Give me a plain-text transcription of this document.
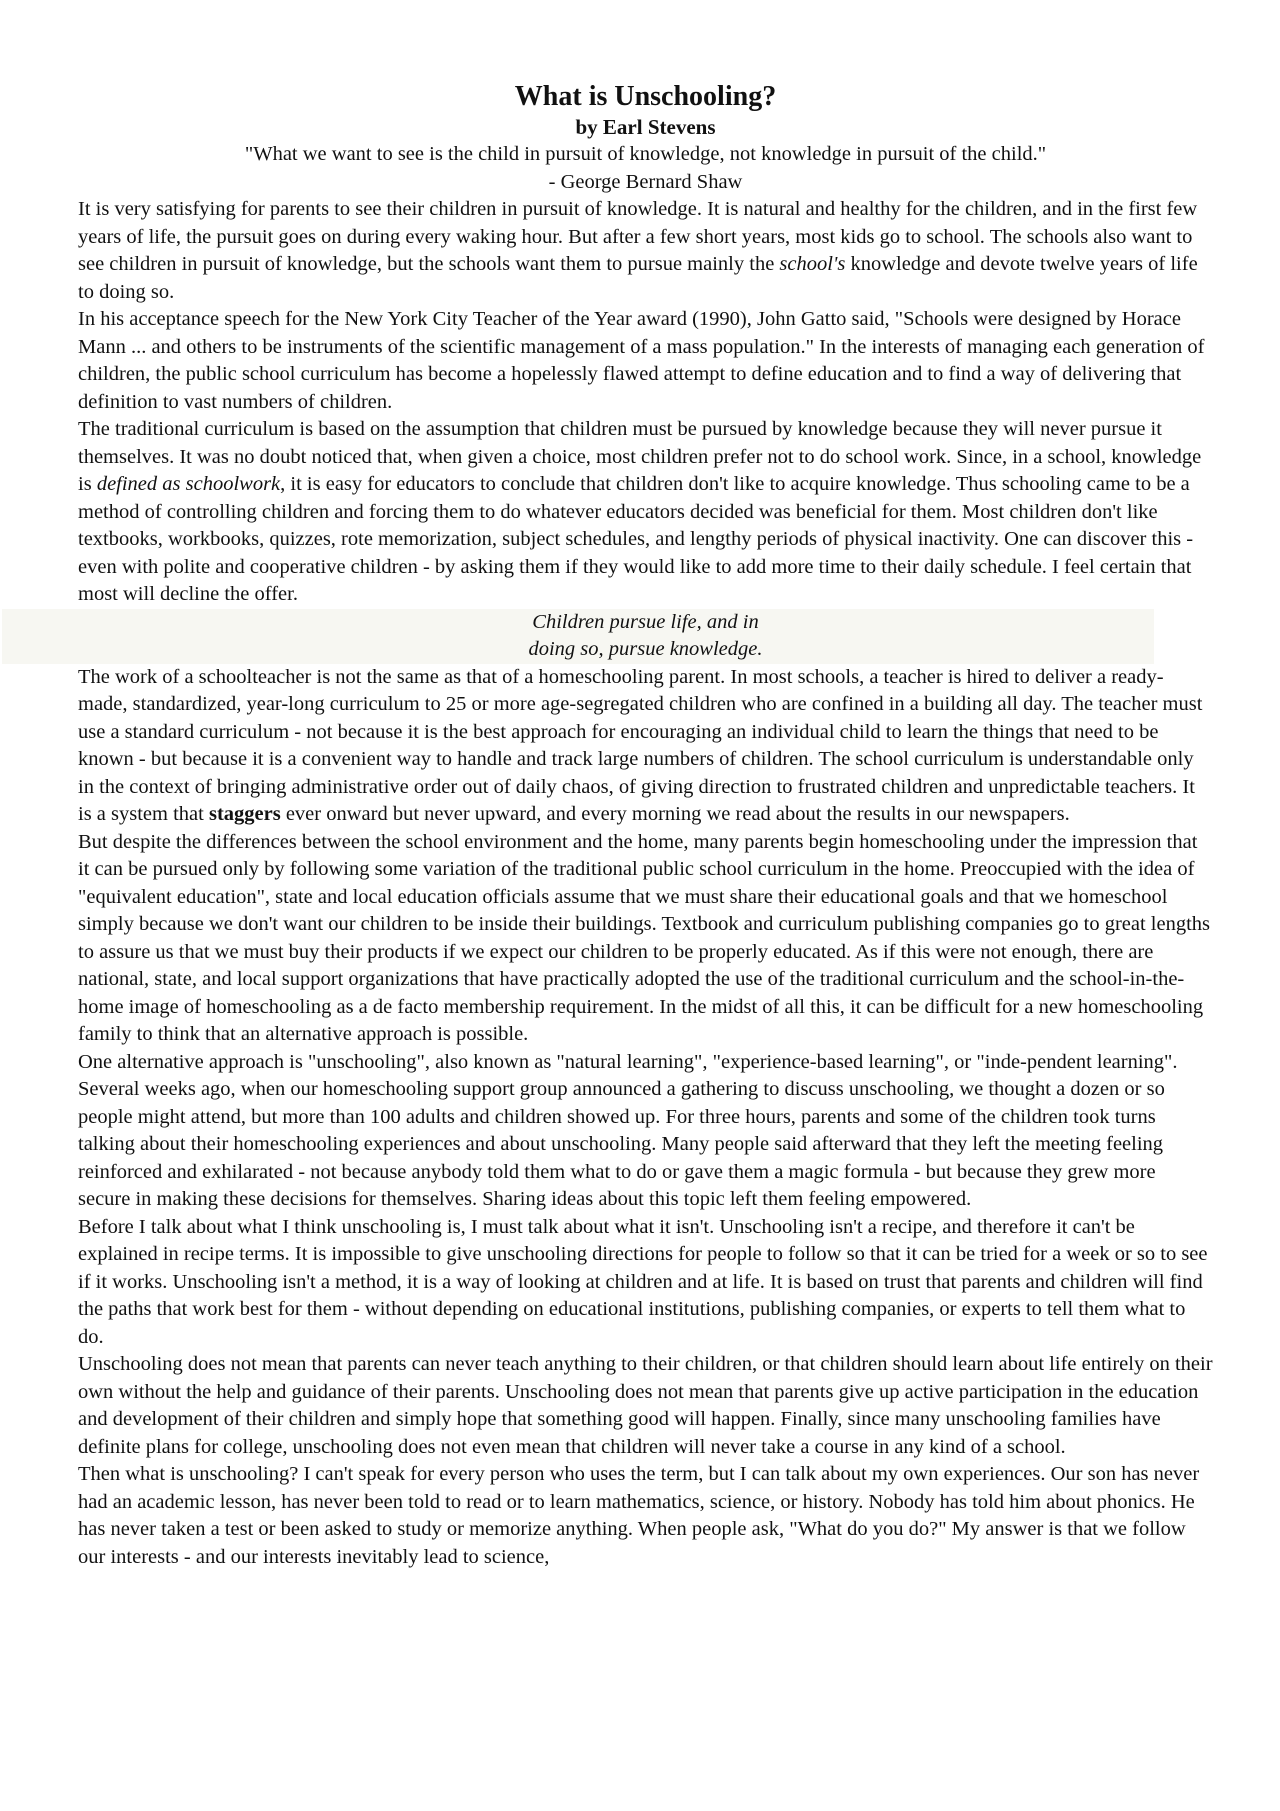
What is Unschooling?

by Earl Stevens

"What we want to see is the child in pursuit of knowledge, not knowledge in pursuit of the child."

- George Bernard Shaw

It is very satisfying for parents to see their children in pursuit of knowledge. It is natural and healthy for the children, and in the first few years of life, the pursuit goes on during every waking hour. But after a few short years, most kids go to school. The schools also want to see children in pursuit of knowledge, but the schools want them to pursue mainly the school's knowledge and devote twelve years of life to doing so.

In his acceptance speech for the New York City Teacher of the Year award (1990), John Gatto said, "Schools were designed by Horace Mann ... and others to be instruments of the scientific management of a mass population." In the interests of managing each generation of children, the public school curriculum has become a hopelessly flawed attempt to define education and to find a way of delivering that definition to vast numbers of children.

The traditional curriculum is based on the assumption that children must be pursued by knowledge because they will never pursue it themselves. It was no doubt noticed that, when given a choice, most children prefer not to do school work. Since, in a school, knowledge is defined as schoolwork, it is easy for educators to conclude that children don't like to acquire knowledge. Thus schooling came to be a method of controlling children and forcing them to do whatever educators decided was beneficial for them. Most children don't like textbooks, workbooks, quizzes, rote memorization, subject schedules, and lengthy periods of physical inactivity. One can discover this - even with polite and cooperative children - by asking them if they would like to add more time to their daily schedule. I feel certain that most will decline the offer.

Children pursue life, and in
doing so, pursue knowledge.

The work of a schoolteacher is not the same as that of a homeschooling parent. In most schools, a teacher is hired to deliver a ready-made, standardized, year-long curriculum to 25 or more age-segregated children who are confined in a building all day. The teacher must use a standard curriculum - not because it is the best approach for encouraging an individual child to learn the things that need to be known - but because it is a convenient way to handle and track large numbers of children. The school curriculum is understandable only in the context of bringing administrative order out of daily chaos, of giving direction to frustrated children and unpredictable teachers. It is a system that staggers ever onward but never upward, and every morning we read about the results in our newspapers.

But despite the differences between the school environment and the home, many parents begin homeschooling under the impression that it can be pursued only by following some variation of the traditional public school curriculum in the home. Preoccupied with the idea of "equivalent education", state and local education officials assume that we must share their educational goals and that we homeschool simply because we don't want our children to be inside their buildings. Textbook and curriculum publishing companies go to great lengths to assure us that we must buy their products if we expect our children to be properly educated. As if this were not enough, there are national, state, and local support organizations that have practically adopted the use of the traditional curriculum and the school-in-the-home image of homeschooling as a de facto membership requirement. In the midst of all this, it can be difficult for a new homeschooling family to think that an alternative approach is possible.

One alternative approach is "unschooling", also known as "natural learning", "experience-based learning", or "inde-pendent learning". Several weeks ago, when our homeschooling support group announced a gathering to discuss unschooling, we thought a dozen or so people might attend, but more than 100 adults and children showed up. For three hours, parents and some of the children took turns talking about their homeschooling experiences and about unschooling. Many people said afterward that they left the meeting feeling reinforced and exhilarated - not because anybody told them what to do or gave them a magic formula - but because they grew more secure in making these decisions for themselves. Sharing ideas about this topic left them feeling empowered.

Before I talk about what I think unschooling is, I must talk about what it isn't. Unschooling isn't a recipe, and therefore it can't be explained in recipe terms. It is impossible to give unschooling directions for people to follow so that it can be tried for a week or so to see if it works. Unschooling isn't a method, it is a way of looking at children and at life. It is based on trust that parents and children will find the paths that work best for them - without depending on educational institutions, publishing companies, or experts to tell them what to do.

Unschooling does not mean that parents can never teach anything to their children, or that children should learn about life entirely on their own without the help and guidance of their parents. Unschooling does not mean that parents give up active participation in the education and development of their children and simply hope that something good will happen. Finally, since many unschooling families have definite plans for college, unschooling does not even mean that children will never take a course in any kind of a school.

Then what is unschooling? I can't speak for every person who uses the term, but I can talk about my own experiences. Our son has never had an academic lesson, has never been told to read or to learn mathematics, science, or history. Nobody has told him about phonics. He has never taken a test or been asked to study or memorize anything. When people ask, "What do you do?" My answer is that we follow our interests - and our interests inevitably lead to science,
